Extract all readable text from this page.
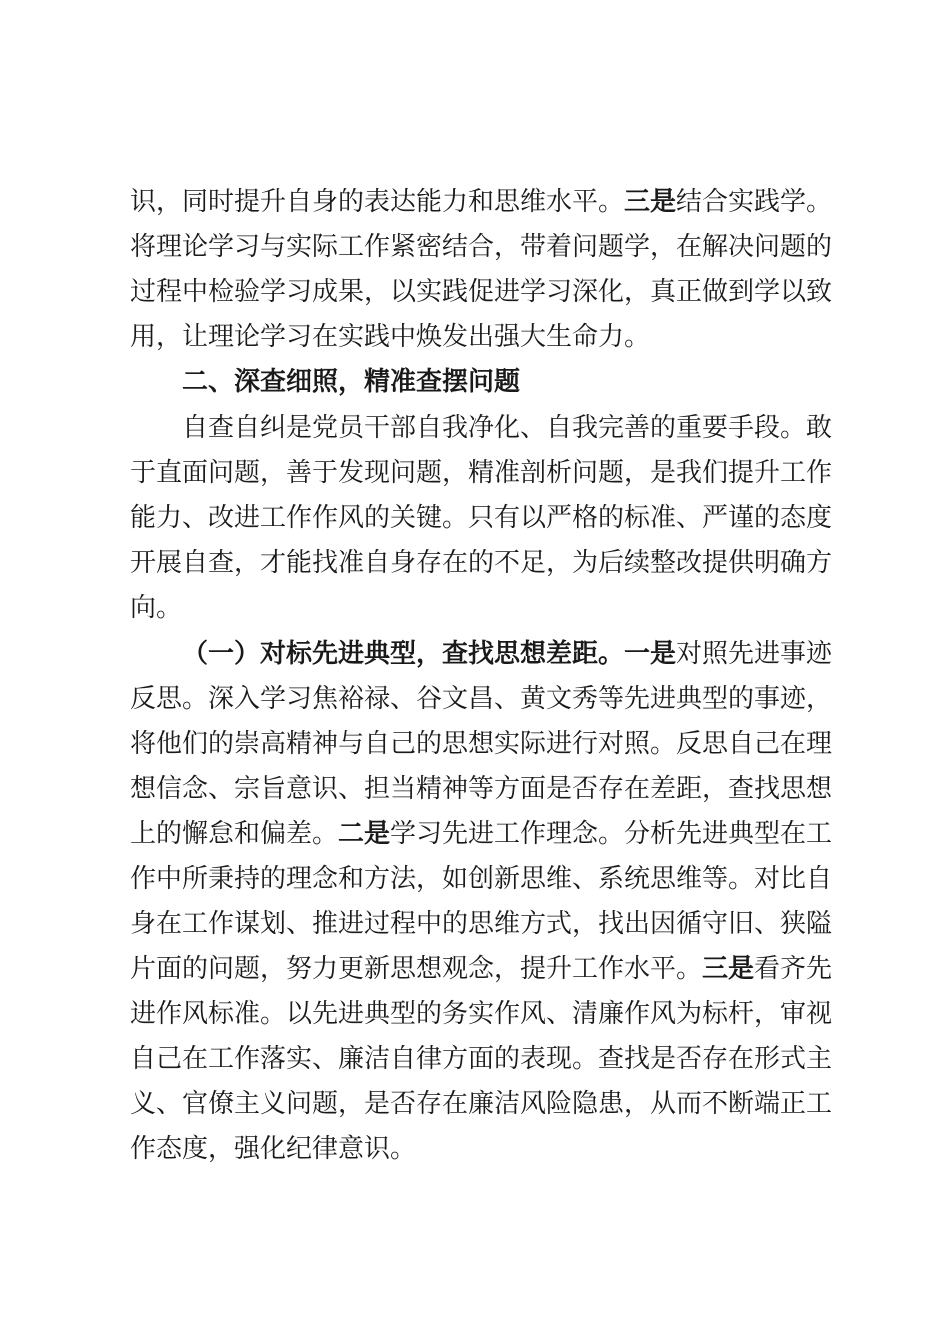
识，同时提升自身的表达能力和思维水平。三是结合实践学。
将理论学习与实际工作紧密结合，带着问题学，在解决问题的
过程中检验学习成果，以实践促进学习深化，真正做到学以致
用，让理论学习在实践中焕发出强大生命力。
二、深查细照，精准查摆问题
自查自纠是党员干部自我净化、自我完善的重要手段。敢
于直面问题，善于发现问题，精准剖析问题，是我们提升工作
能力、改进工作作风的关键。只有以严格的标准、严谨的态度
开展自查，才能找准自身存在的不足，为后续整改提供明确方
向。
（一）对标先进典型，查找思想差距。一是对照先进事迹
反思。深入学习焦裕禄、谷文昌、黄文秀等先进典型的事迹，
将他们的崇高精神与自己的思想实际进行对照。反思自己在理
想信念、宗旨意识、担当精神等方面是否存在差距，查找思想
上的懈怠和偏差。二是学习先进工作理念。分析先进典型在工
作中所秉持的理念和方法，如创新思维、系统思维等。对比自
身在工作谋划、推进过程中的思维方式，找出因循守旧、狭隘
片面的问题，努力更新思想观念，提升工作水平。三是看齐先
进作风标准。以先进典型的务实作风、清廉作风为标杆，审视
自己在工作落实、廉洁自律方面的表现。查找是否存在形式主
义、官僚主义问题，是否存在廉洁风险隐患，从而不断端正工
作态度，强化纪律意识。
